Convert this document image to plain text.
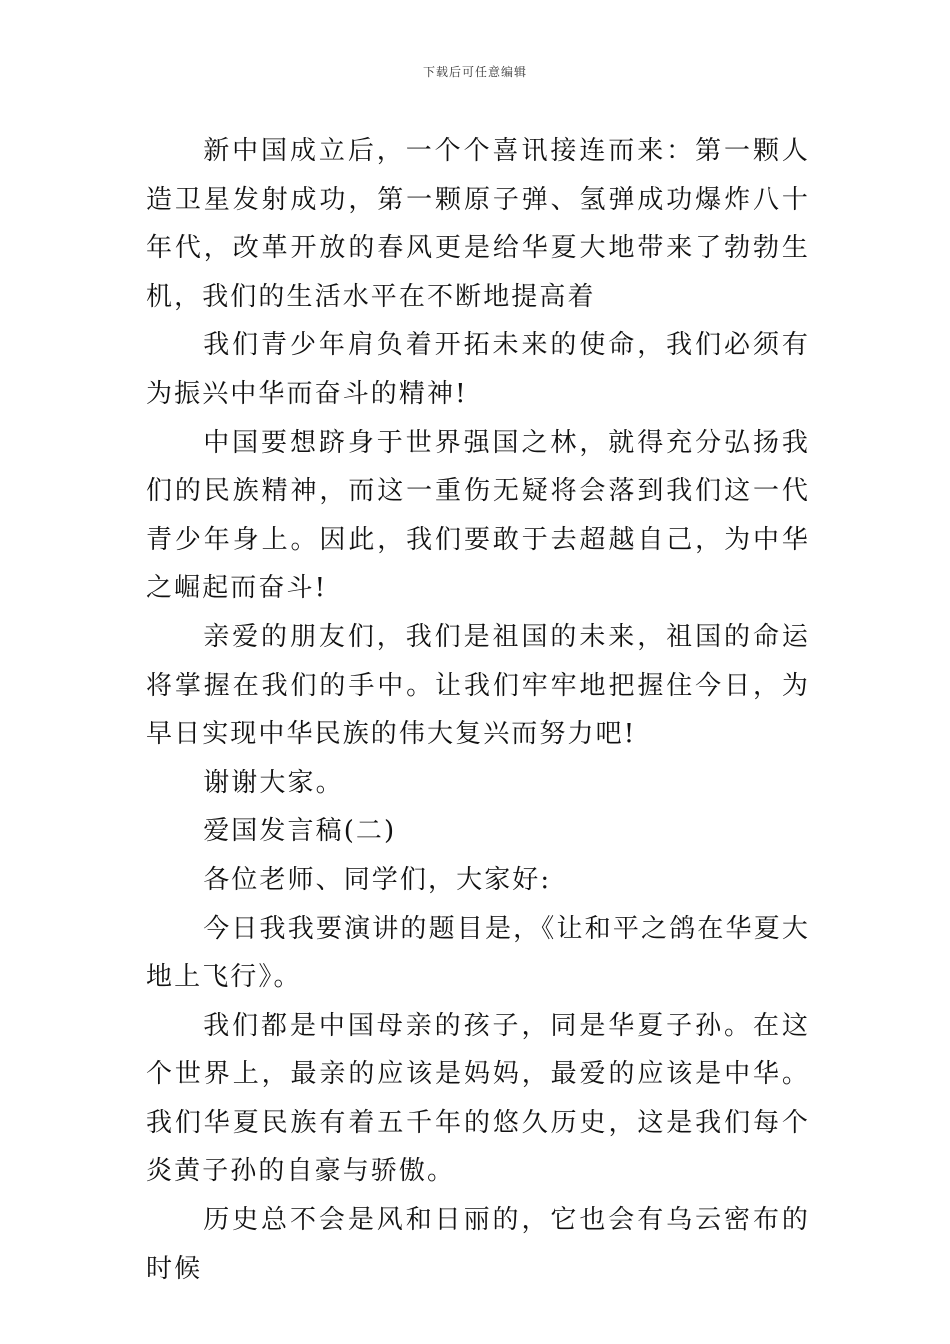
下载后可任意编辑

新中国成立后，一个个喜讯接连而来：第一颗人造卫星发射成功，第一颗原子弹、氢弹成功爆炸八十年代，改革开放的春风更是给华夏大地带来了勃勃生机，我们的生活水平在不断地提高着

我们青少年肩负着开拓未来的使命，我们必须有为振兴中华而奋斗的精神!

中国要想跻身于世界强国之林，就得充分弘扬我们的民族精神，而这一重伤无疑将会落到我们这一代青少年身上。因此，我们要敢于去超越自己，为中华之崛起而奋斗!

亲爱的朋友们，我们是祖国的未来，祖国的命运将掌握在我们的手中。让我们牢牢地把握住今日，为早日实现中华民族的伟大复兴而努力吧!

谢谢大家。

爱国发言稿(二)

各位老师、同学们，大家好:

今日我我要演讲的题目是，《让和平之鸽在华夏大地上飞行》。

我们都是中国母亲的孩子，同是华夏子孙。在这个世界上，最亲的应该是妈妈，最爱的应该是中华。我们华夏民族有着五千年的悠久历史，这是我们每个炎黄子孙的自豪与骄傲。

历史总不会是风和日丽的，它也会有乌云密布的时候
